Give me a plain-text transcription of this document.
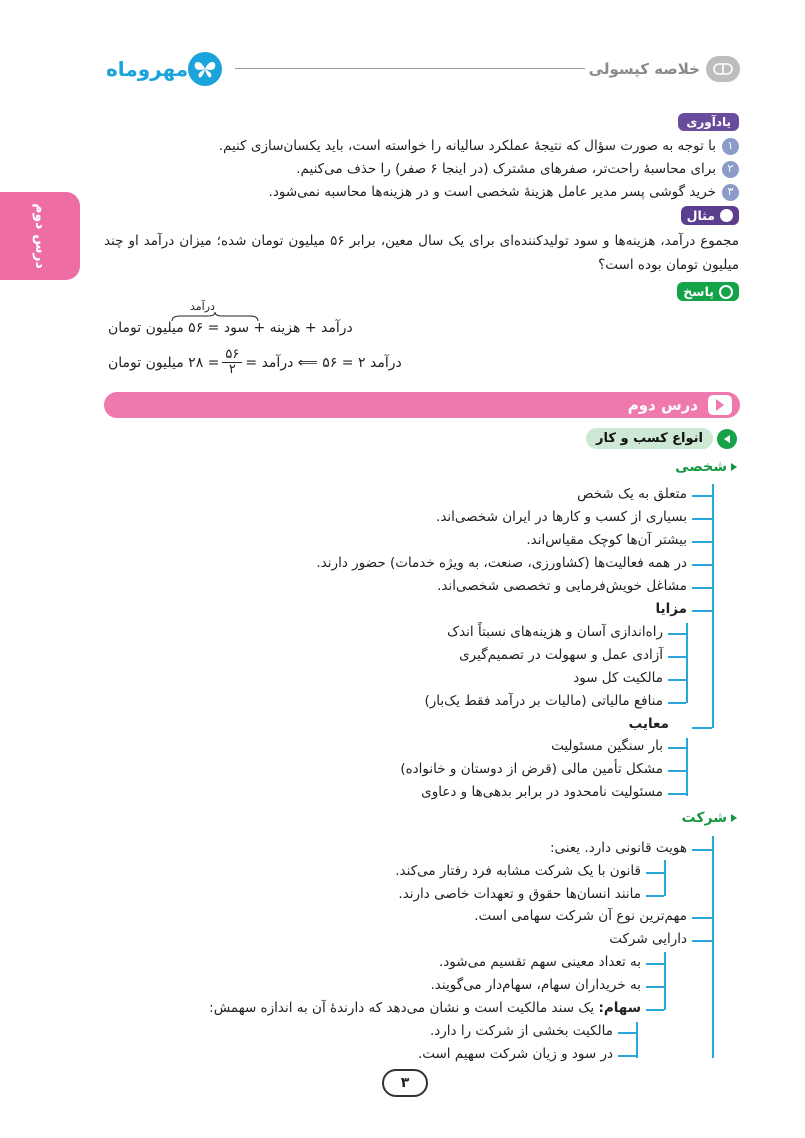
مهروماه	خلاصه کپسولی
درس دوم
یادآوری
۱
با توجه به صورت سؤال که نتیجهٔ عملکرد سالیانه را خواسته است، باید یکسان‌سازی کنیم.
۲
برای محاسبهٔ راحت‌تر، صفرهای مشترک (در اینجا ۶ صفر) را حذف می‌کنیم.
۳
خرید گوشی پسر مدیر عامل هزینهٔ شخصی است و در هزینه‌ها محاسبه نمی‌شود.
مثال

مجموع درآمد، هزینه‌ها و سود تولیدکننده‌ای برای یک سال معین، برابر ۵۶ میلیون تومان شده؛ میزان درآمد او چند میلیون تومان بوده است؟

پاسخ
درآمد
درآمد + هزینه + سود = ۵۶ میلیون تومان
درآمد ۲ = ۵۶ ⟸ درآمد =
$\frac{۵۶}{۲}$
= ۲۸ میلیون تومان
درس دوم
انواع کسب و کار
شخصی
متعلق به یک شخص
بسیاری از کسب و کارها در ایران شخصی‌اند.
بیشتر آن‌ها کوچک مقیاس‌اند.
در همه فعالیت‌ها (کشاورزی، صنعت، به ویژه خدمات) حضور دارند.
مشاغل خویش‌فرمایی و تخصصی شخصی‌اند.
مزایا
راه‌اندازی آسان و هزینه‌های نسبتاً اندک
آزادی عمل و سهولت در تصمیم‌گیری
مالکیت کل سود
منافع مالیاتی (مالیات بر درآمد فقط یک‌بار)
معایب
بار سنگین مسئولیت
مشکل تأمین مالی (قرض از دوستان و خانواده)
مسئولیت نامحدود در برابر بدهی‌ها و دعاوی
شرکت
هویت قانونی دارد. یعنی:
قانون با یک شرکت مشابه فرد رفتار می‌کند.
مانند انسان‌ها حقوق و تعهدات خاصی دارند.
مهم‌ترین نوع آن شرکت سهامی است.
دارایی شرکت
به تعداد معینی سهم تقسیم می‌شود.
به خریداران سهام، سهام‌دار می‌گویند.
سهام: یک سند مالکیت است و نشان می‌دهد که دارندهٔ آن به اندازه سهمش:
مالکیت بخشی از شرکت را دارد.
در سود و زیان شرکت سهیم است.
۳
